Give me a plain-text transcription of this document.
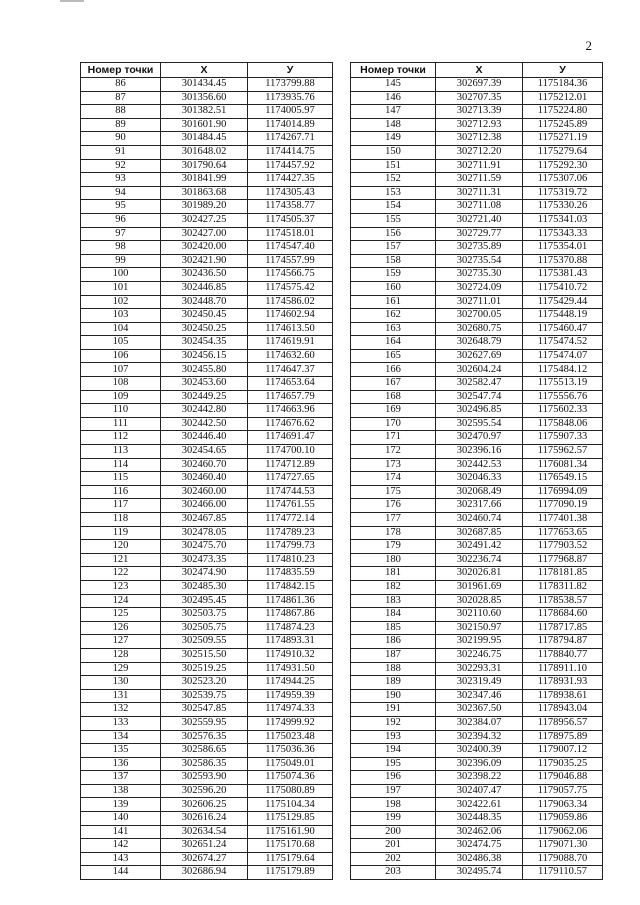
2
Номер точки	X	У
86	301434.45	1173799.88
87	301356.60	1173935.76
88	301382.51	1174005.97
89	301601.90	1174014.89
90	301484.45	1174267.71
91	301648.02	1174414.75
92	301790.64	1174457.92
93	301841.99	1174427.35
94	301863.68	1174305.43
95	301989.20	1174358.77
96	302427.25	1174505.37
97	302427.00	1174518.01
98	302420.00	1174547.40
99	302421.90	1174557.99
100	302436.50	1174566.75
101	302446.85	1174575.42
102	302448.70	1174586.02
103	302450.45	1174602.94
104	302450.25	1174613.50
105	302454.35	1174619.91
106	302456.15	1174632.60
107	302455.80	1174647.37
108	302453.60	1174653.64
109	302449.25	1174657.79
110	302442.80	1174663.96
111	302442.50	1174676.62
112	302446.40	1174691.47
113	302454.65	1174700.10
114	302460.70	1174712.89
115	302460.40	1174727.65
116	302460.00	1174744.53
117	302466.00	1174761.55
118	302467.85	1174772.14
119	302478.05	1174789.23
120	302475.70	1174799.73
121	302473.35	1174810.23
122	302474.90	1174835.59
123	302485.30	1174842.15
124	302495.45	1174861.36
125	302503.75	1174867.86
126	302505.75	1174874.23
127	302509.55	1174893.31
128	302515.50	1174910.32
129	302519.25	1174931.50
130	302523.20	1174944.25
131	302539.75	1174959.39
132	302547.85	1174974.33
133	302559.95	1174999.92
134	302576.35	1175023.48
135	302586.65	1175036.36
136	302586.35	1175049.01
137	302593.90	1175074.36
138	302596.20	1175080.89
139	302606.25	1175104.34
140	302616.24	1175129.85
141	302634.54	1175161.90
142	302651.24	1175170.68
143	302674.27	1175179.64
144	302686.94	1175179.89
Номер точки	X	У
145	302697.39	1175184.36
146	302707.35	1175212.01
147	302713.39	1175224.80
148	302712.93	1175245.89
149	302712.38	1175271.19
150	302712.20	1175279.64
151	302711.91	1175292.30
152	302711.59	1175307.06
153	302711.31	1175319.72
154	302711.08	1175330.26
155	302721.40	1175341.03
156	302729.77	1175343.33
157	302735.89	1175354.01
158	302735.54	1175370.88
159	302735.30	1175381.43
160	302724.09	1175410.72
161	302711.01	1175429.44
162	302700.05	1175448.19
163	302680.75	1175460.47
164	302648.79	1175474.52
165	302627.69	1175474.07
166	302604.24	1175484.12
167	302582.47	1175513.19
168	302547.74	1175556.76
169	302496.85	1175602.33
170	302595.54	1175848.06
171	302470.97	1175907.33
172	302396.16	1175962.57
173	302442.53	1176081.34
174	302046.33	1176549.15
175	302068.49	1176994.09
176	302317.66	1177090.19
177	302460.74	1177401.38
178	302687.85	1177653.65
179	302491.42	1177903.52
180	302236.74	1177968.87
181	302026.81	1178181.85
182	301961.69	1178311.82
183	302028.85	1178538.57
184	302110.60	1178684.60
185	302150.97	1178717.85
186	302199.95	1178794.87
187	302246.75	1178840.77
188	302293.31	1178911.10
189	302319.49	1178931.93
190	302347.46	1178938.61
191	302367.50	1178943.04
192	302384.07	1178956.57
193	302394.32	1178975.89
194	302400.39	1179007.12
195	302396.09	1179035.25
196	302398.22	1179046.88
197	302407.47	1179057.75
198	302422.61	1179063.34
199	302448.35	1179059.86
200	302462.06	1179062.06
201	302474.75	1179071.30
202	302486.38	1179088.70
203	302495.74	1179110.57
